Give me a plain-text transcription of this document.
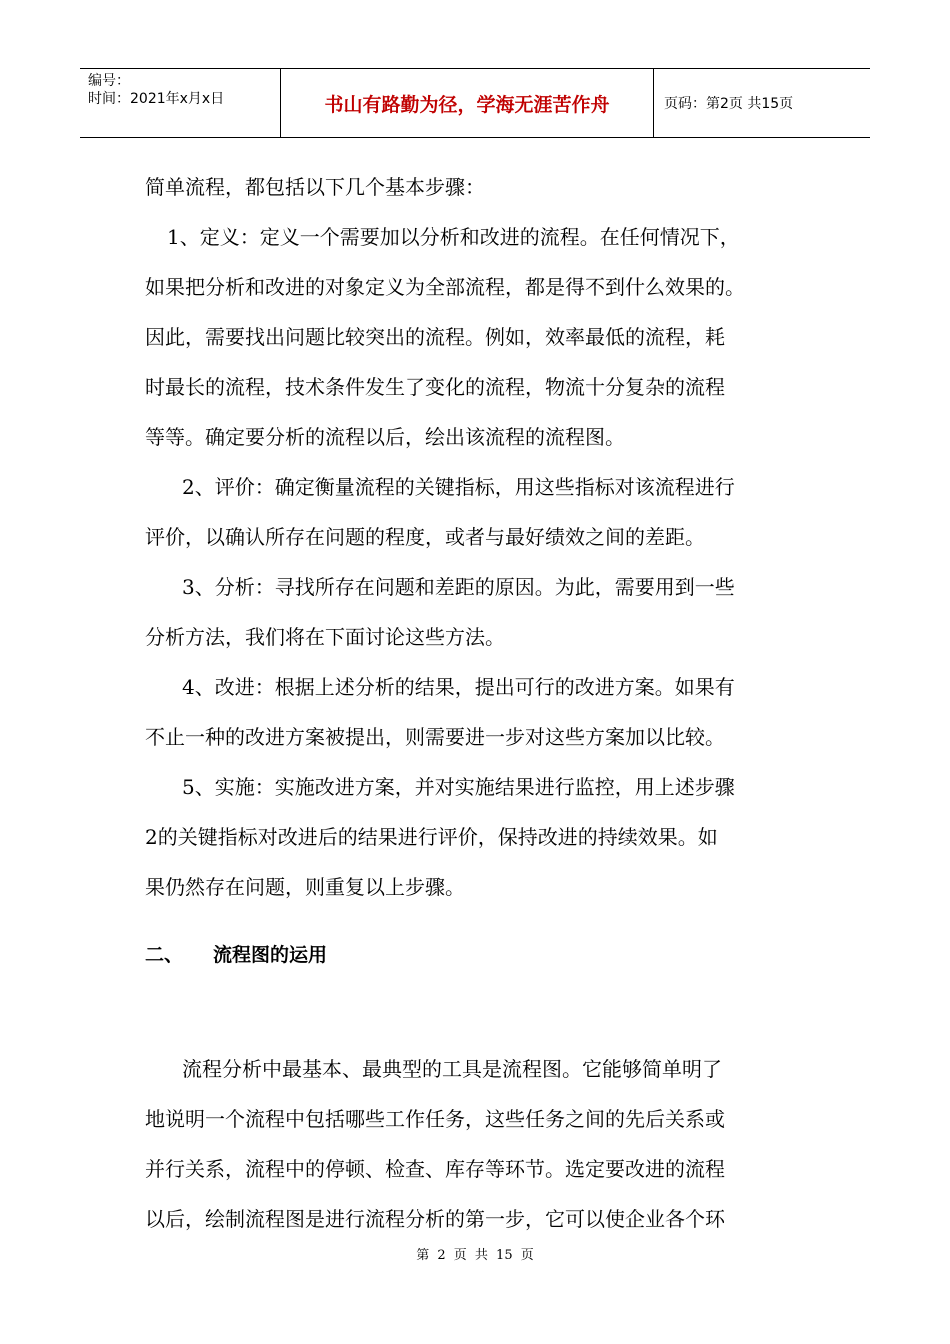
编号：
时间：2021年x月x日	书山有路勤为径，学海无涯苦作舟	页码：第2页 共15页
简单流程，都包括以下几个基本步骤：
1、定义：定义一个需要加以分析和改进的流程。在任何情况下，
如果把分析和改进的对象定义为全部流程，都是得不到什么效果的。
因此，需要找出问题比较突出的流程。例如，效率最低的流程，耗
时最长的流程，技术条件发生了变化的流程，物流十分复杂的流程
等等。确定要分析的流程以后，绘出该流程的流程图。
2、评价：确定衡量流程的关键指标，用这些指标对该流程进行
评价，以确认所存在问题的程度，或者与最好绩效之间的差距。
3、分析：寻找所存在问题和差距的原因。为此，需要用到一些
分析方法，我们将在下面讨论这些方法。
4、改进：根据上述分析的结果，提出可行的改进方案。如果有
不止一种的改进方案被提出，则需要进一步对这些方案加以比较。
5、实施：实施改进方案，并对实施结果进行监控，用上述步骤
2的关键指标对改进后的结果进行评价，保持改进的持续效果。如
果仍然存在问题，则重复以上步骤。
二、	流程图的运用
流程分析中最基本、最典型的工具是流程图。它能够简单明了
地说明一个流程中包括哪些工作任务，这些任务之间的先后关系或
并行关系，流程中的停顿、检查、库存等环节。选定要改进的流程
以后，绘制流程图是进行流程分析的第一步，它可以使企业各个环
第 2 页 共 15 页
